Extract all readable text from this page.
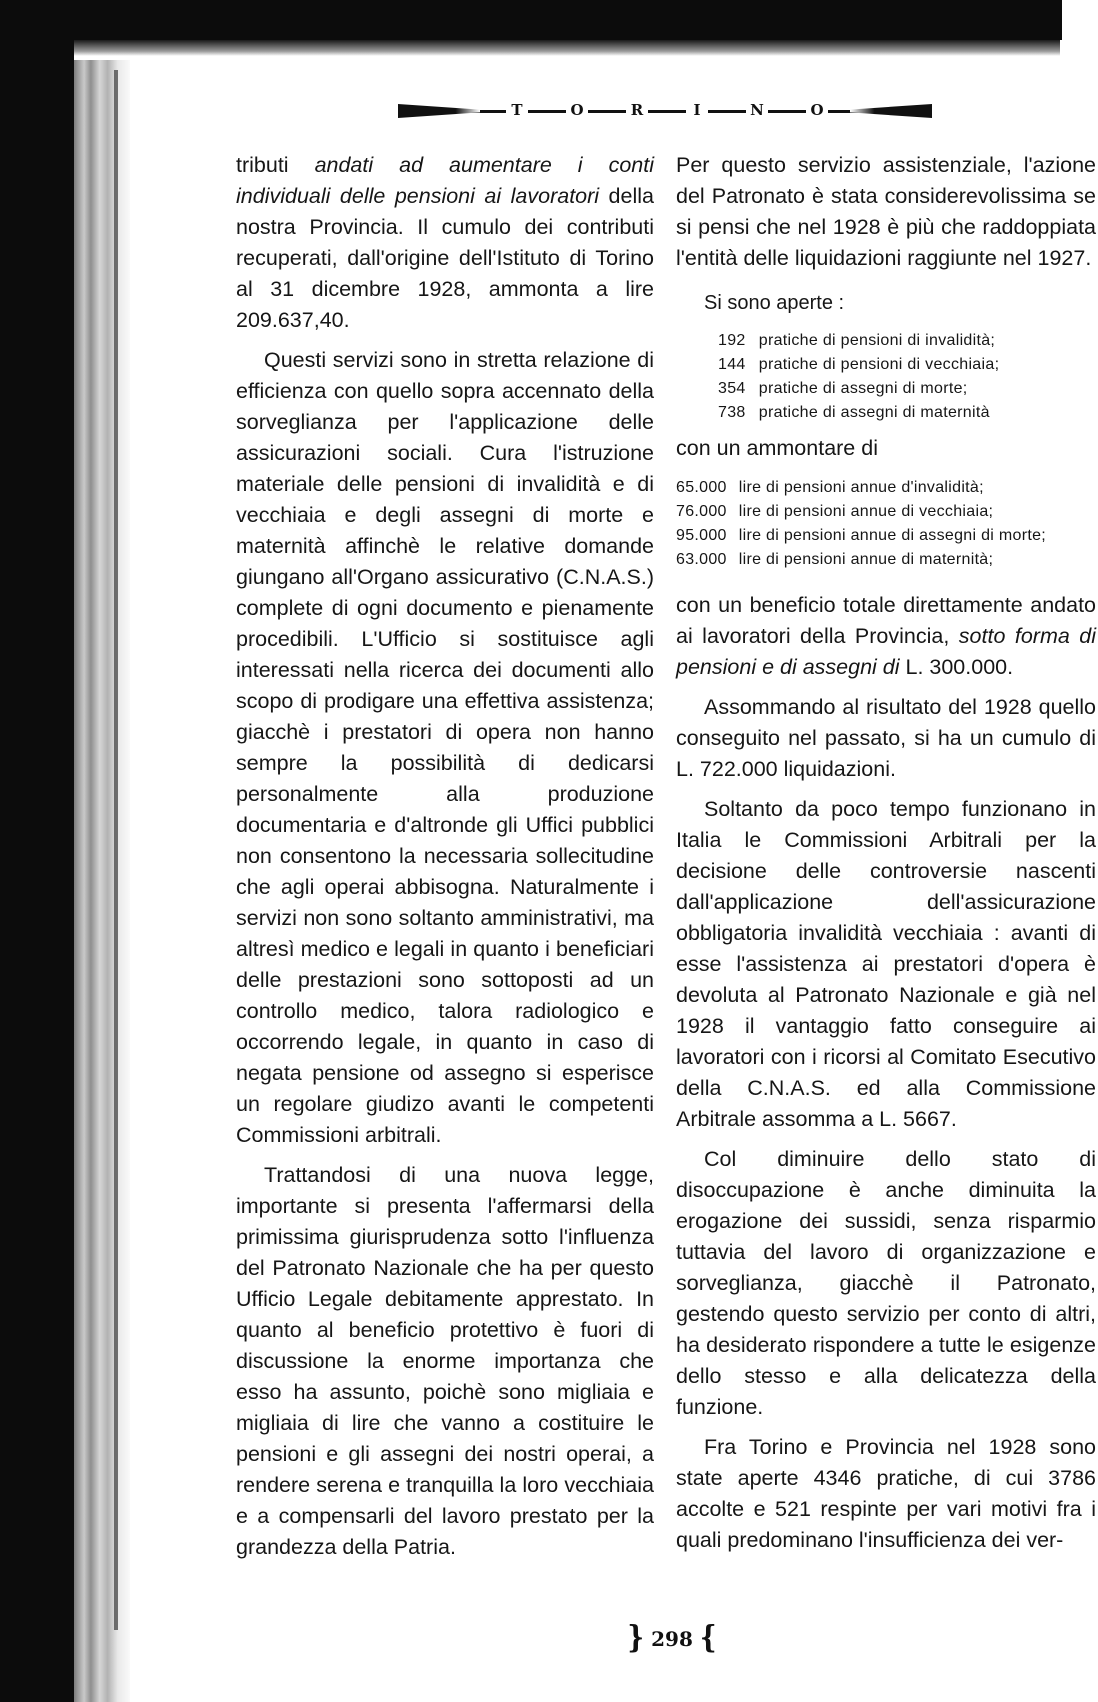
T	O	R	I	N	O

tributi andati ad aumentare i conti individuali delle pensioni ai lavoratori della nostra Provincia. Il cumulo dei contributi recuperati, dall'origine dell'Istituto di Torino al 31 dicembre 1928, ammonta a lire 209.637,40.

Questi servizi sono in stretta relazione di efficienza con quello sopra accennato della sorveglianza per l'applicazione delle assicurazioni sociali. Cura l'istruzione materiale delle pensioni di invalidità e di vecchiaia e degli assegni di morte e maternità affinchè le relative domande giungano all'Organo assicurativo (C.N.A.S.) complete di ogni documento e pienamente procedibili. L'Ufficio si sostituisce agli interessati nella ricerca dei documenti allo scopo di prodigare una effettiva assistenza; giacchè i prestatori di opera non hanno sempre la possibilità di dedicarsi personalmente alla produzione documentaria e d'altronde gli Uffici pubblici non consentono la necessaria sollecitudine che agli operai abbisogna. Naturalmente i servizi non sono soltanto amministrativi, ma altresì medico e legali in quanto i beneficiari delle prestazioni sono sottoposti ad un controllo medico, talora radiologico e occorrendo legale, in quanto in caso di negata pensione od assegno si esperisce un regolare giudizo avanti le competenti Commissioni arbitrali.

Trattandosi di una nuova legge, importante si presenta l'affermarsi della primissima giurisprudenza sotto l'influenza del Patronato Nazionale che ha per questo Ufficio Legale debitamente apprestato. In quanto al beneficio protettivo è fuori di discussione la enorme importanza che esso ha assunto, poichè sono migliaia e migliaia di lire che vanno a costituire le pensioni e gli assegni dei nostri operai, a rendere serena e tranquilla la loro vecchiaia e a compensarli del lavoro prestato per la grandezza della Patria.

Per questo servizio assistenziale, l'azione del Patronato è stata considerevolissima se si pensi che nel 1928 è più che raddoppiata l'entità delle liquidazioni raggiunte nel 1927.

Si sono aperte :

192 pratiche di pensioni di invalidità;
144 pratiche di pensioni di vecchiaia;
354 pratiche di assegni di morte;
738 pratiche di assegni di maternità

con un ammontare di

65.000 lire di pensioni annue d'invalidità;
76.000 lire di pensioni annue di vecchiaia;
95.000 lire di pensioni annue di assegni di morte;
63.000 lire di pensioni annue di maternità;

con un beneficio totale direttamente andato ai lavoratori della Provincia, sotto forma di pensioni e di assegni di L. 300.000.

Assommando al risultato del 1928 quello conseguito nel passato, si ha un cumulo di L. 722.000 liquidazioni.

Soltanto da poco tempo funzionano in Italia le Commissioni Arbitrali per la decisione delle controversie nascenti dall'applicazione dell'assicurazione obbligatoria invalidità vecchiaia : avanti di esse l'assistenza ai prestatori d'opera è devoluta al Patronato Nazionale e già nel 1928 il vantaggio fatto conseguire ai lavoratori con i ricorsi al Comitato Esecutivo della C.N.A.S. ed alla Commissione Arbitrale assomma a L. 5667.

Col diminuire dello stato di disoccupazione è anche diminuita la erogazione dei sussidi, senza risparmio tuttavia del lavoro di organizzazione e sorveglianza, giacchè il Patronato, gestendo questo servizio per conto di altri, ha desiderato rispondere a tutte le esigenze dello stesso e alla delicatezza della funzione.

Fra Torino e Provincia nel 1928 sono state aperte 4346 pratiche, di cui 3786 accolte e 521 respinte per vari motivi fra i quali predominano l'insufficienza dei ver-

} 298 {
